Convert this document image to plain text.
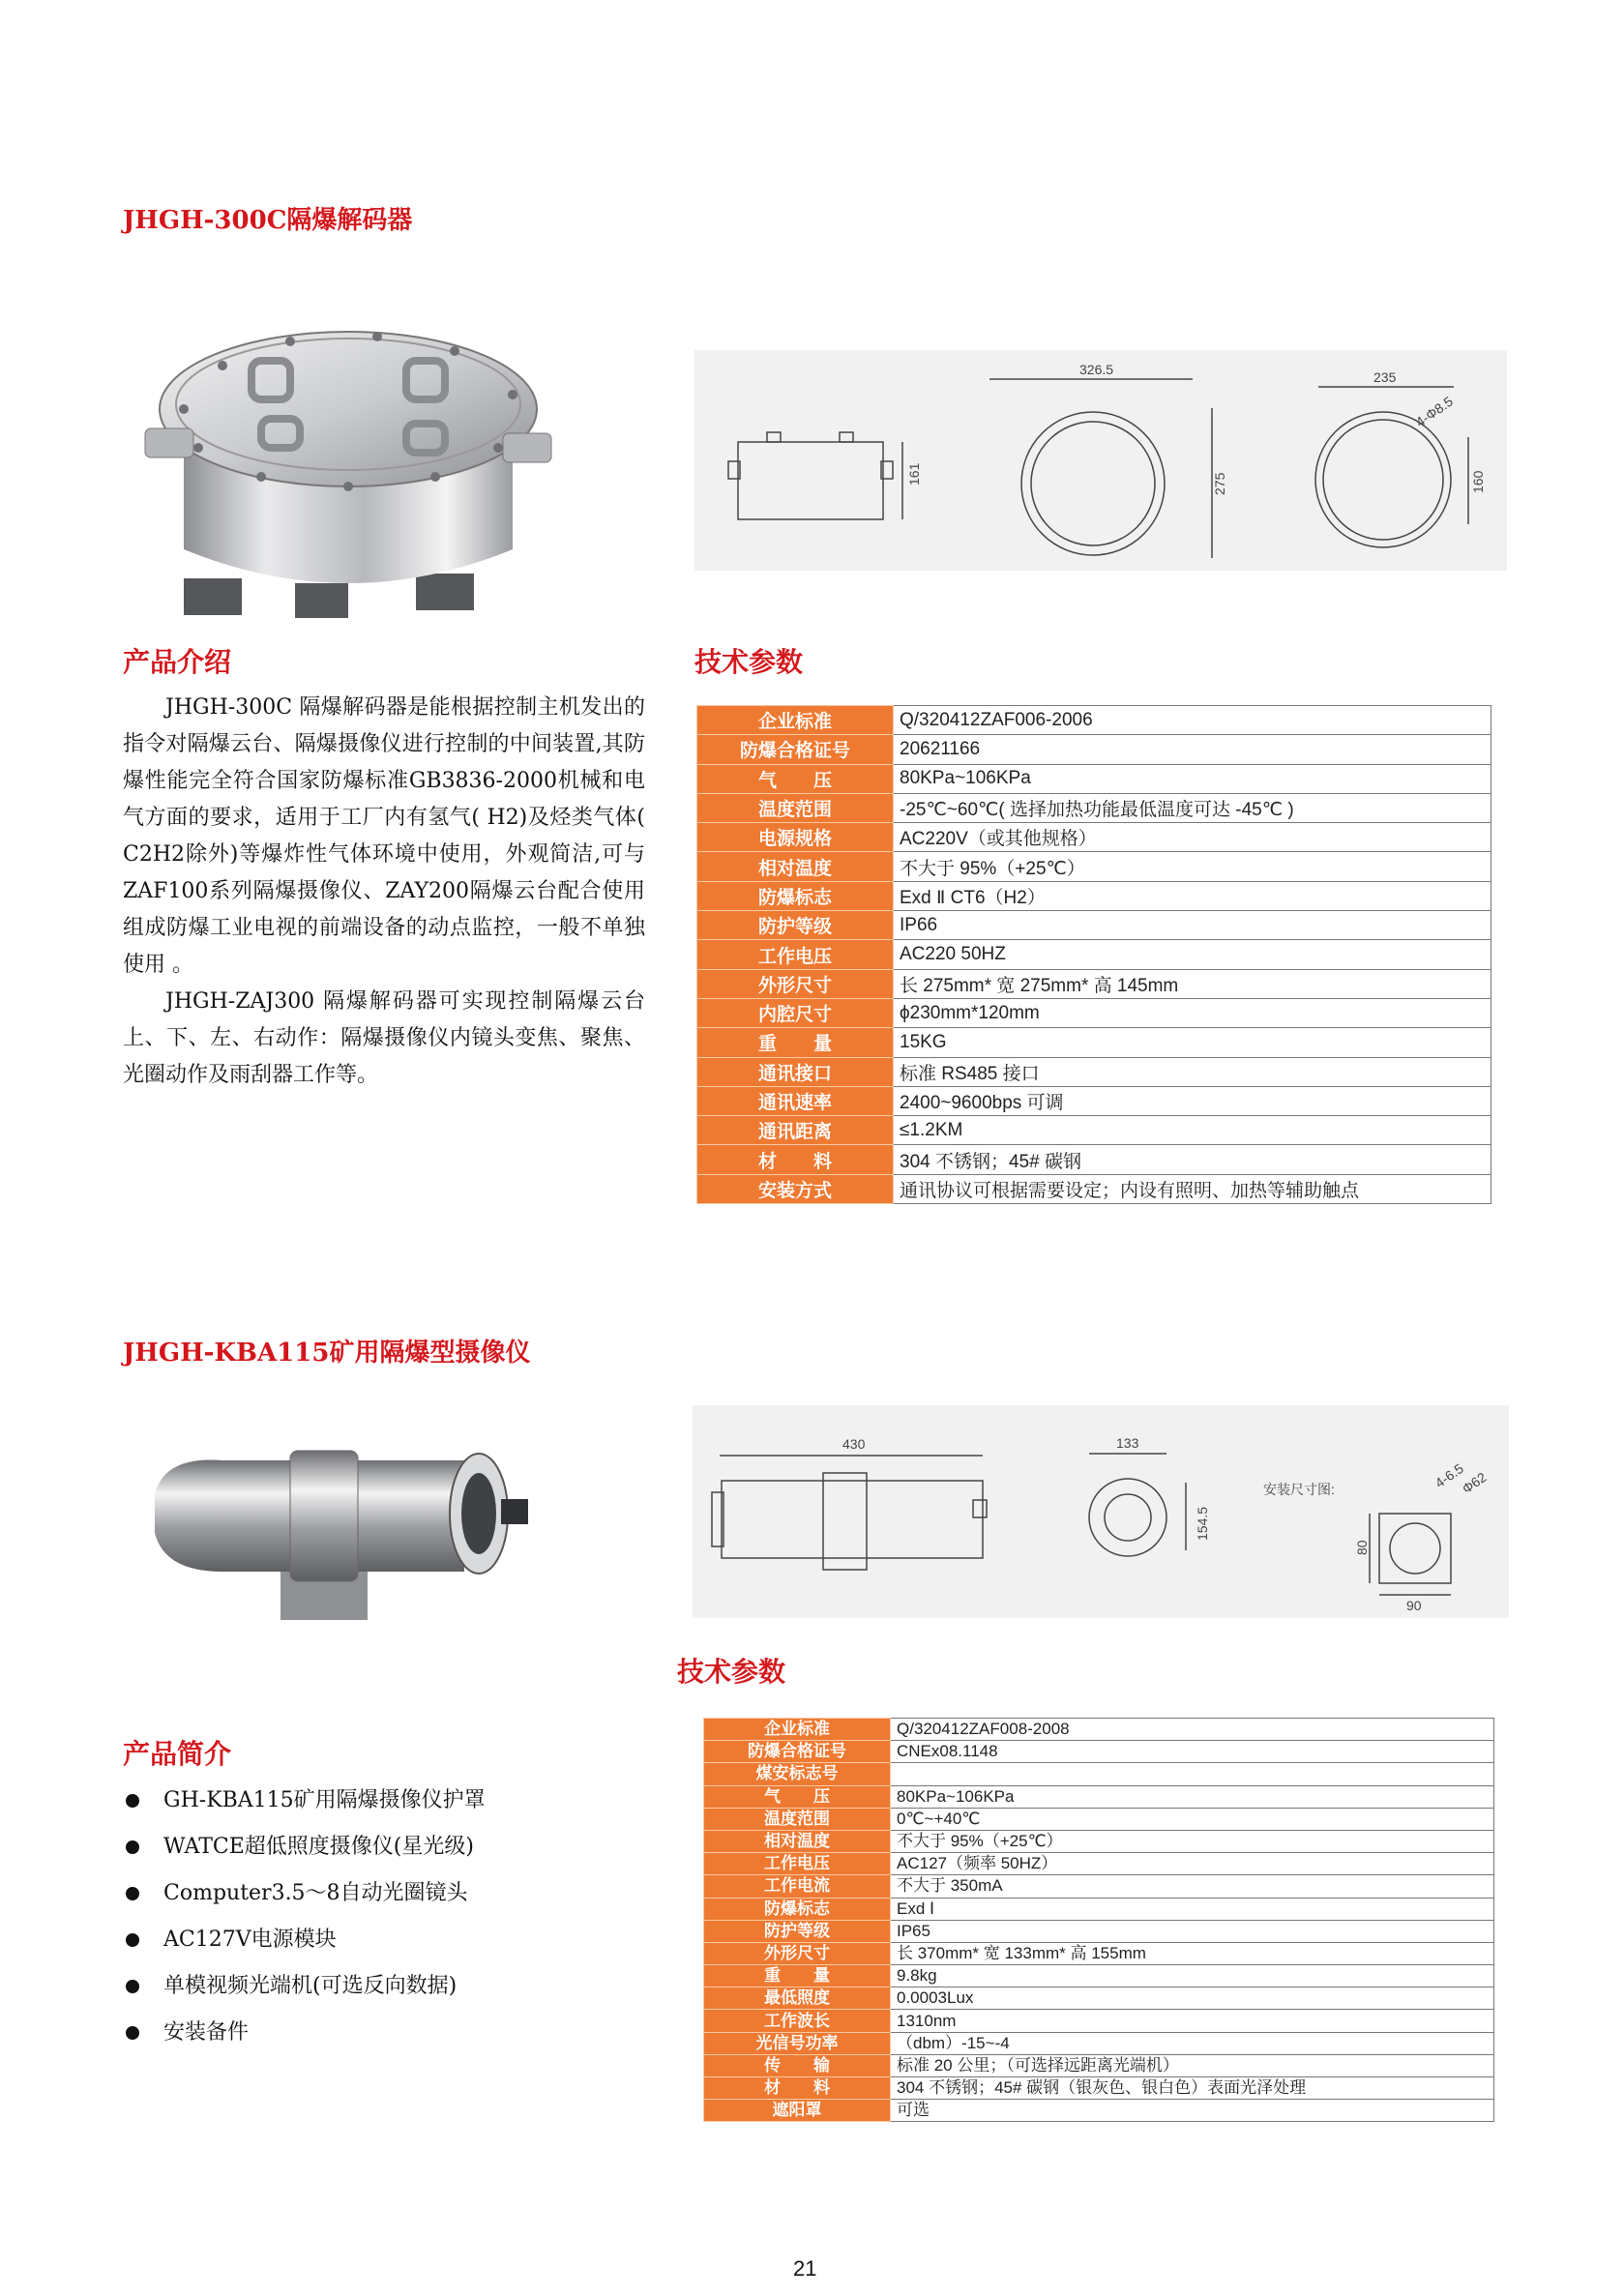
JHGH-300C隔爆解码器
326.5
275
161
235
160
4-Φ8.5
产品介绍	技术参数

JHGH-300C 隔爆解码器是能根据控制主机发出的指令对隔爆云台、隔爆摄像仪进行控制的中间装置,其防爆性能完全符合国家防爆标准GB3836-2000机械和电气方面的要求，适用于工厂内有氢气( H2)及烃类气体( C2H2除外)等爆炸性气体环境中使用，外观简洁,可与ZAF100系列隔爆摄像仪、ZAY200隔爆云台配合使用组成防爆工业电视的前端设备的动点监控，一般不单独使用 。

JHGH-ZAJ300 隔爆解码器可实现控制隔爆云台上、下、左、右动作：隔爆摄像仪内镜头变焦、聚焦、 光圈动作及雨刮器工作等。

企业标准	Q/320412ZAF006-2006
防爆合格证号	20621166
气　　压	80KPa~106KPa
温度范围	-25℃~60℃( 选择加热功能最低温度可达 -45℃ )
电源规格	AC220V（或其他规格）
相对温度	不大于 95%（+25℃）
防爆标志	Exd Ⅱ CT6（H2）
防护等级	IP66
工作电压	AC220 50HZ
外形尺寸	长 275mm* 宽 275mm* 高 145mm
内腔尺寸	ϕ230mm*120mm
重　　量	15KG
通讯接口	标准 RS485 接口
通讯速率	2400~9600bps 可调
通讯距离	≤1.2KM
材　　料	304 不锈钢；45# 碳钢
安装方式	通讯协议可根据需要设定；内设有照明、加热等辅助触点
JHGH-KBA115矿用隔爆型摄像仪
430	133
154.5
安装尺寸图:	4-6.5
Φ62
80
90
技术参数
产品简介
GH-KBA115矿用隔爆摄像仪护罩
WATCE超低照度摄像仪(星光级)
Computer3.5～8自动光圈镜头
AC127V电源模块
单模视频光端机(可选反向数据)
安装备件
企业标准	Q/320412ZAF008-2008
防爆合格证号	CNEx08.1148
煤安标志号	
气　　压	80KPa~106KPa
温度范围	0℃~+40℃
相对温度	不大于 95%（+25℃）
工作电压	AC127（频率 50HZ）
工作电流	不大于 350mA
防爆标志	Exd Ⅰ
防护等级	IP65
外形尺寸	长 370mm* 宽 133mm* 高 155mm
重　　量	9.8kg
最低照度	0.0003Lux
工作波长	1310nm
光信号功率	（dbm）-15~-4
传　　输	标准 20 公里；（可选择远距离光端机）
材　　料	304 不锈钢；45# 碳钢（银灰色、银白色）表面光泽处理
遮阳罩	可选
21
